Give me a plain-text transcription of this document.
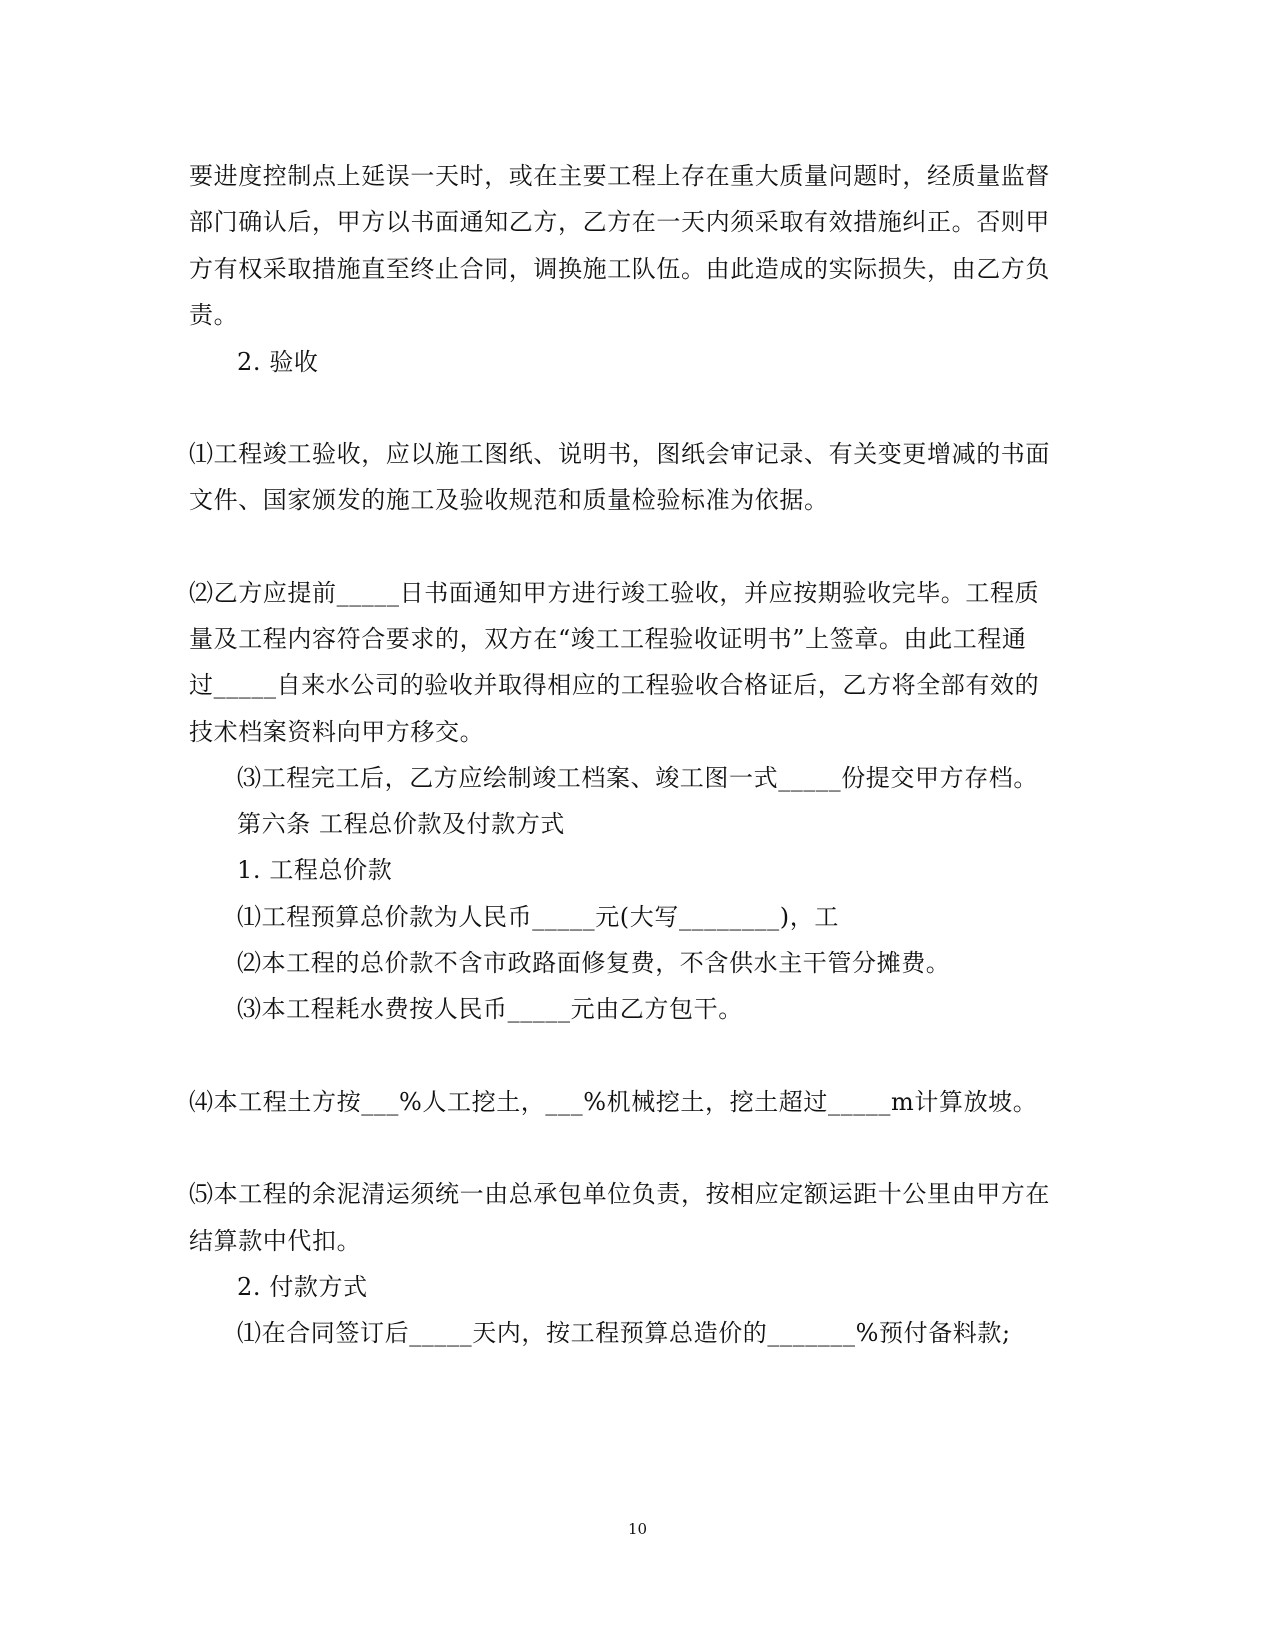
要进度控制点上延误一天时，或在主要工程上存在重大质量问题时，经质量监督
部门确认后，甲方以书面通知乙方，乙方在一天内须采取有效措施纠正。否则甲
方有权采取措施直至终止合同，调换施工队伍。由此造成的实际损失，由乙方负
责。
2. 验收
⑴工程竣工验收，应以施工图纸、说明书，图纸会审记录、有关变更增减的书面
文件、国家颁发的施工及验收规范和质量检验标准为依据。
⑵乙方应提前_____日书面通知甲方进行竣工验收，并应按期验收完毕。工程质
量及工程内容符合要求的，双方在“竣工工程验收证明书”上签章。由此工程通
过_____自来水公司的验收并取得相应的工程验收合格证后，乙方将全部有效的
技术档案资料向甲方移交。
⑶工程完工后，乙方应绘制竣工档案、竣工图一式_____份提交甲方存档。
第六条 工程总价款及付款方式
1. 工程总价款
⑴工程预算总价款为人民币_____元(大写________)，工
⑵本工程的总价款不含市政路面修复费，不含供水主干管分摊费。
⑶本工程耗水费按人民币_____元由乙方包干。
⑷本工程土方按___%人工挖土，___%机械挖土，挖土超过_____m计算放坡。
⑸本工程的余泥清运须统一由总承包单位负责，按相应定额运距十公里由甲方在
结算款中代扣。
2. 付款方式
⑴在合同签订后_____天内，按工程预算总造价的_______%预付备料款;
10
